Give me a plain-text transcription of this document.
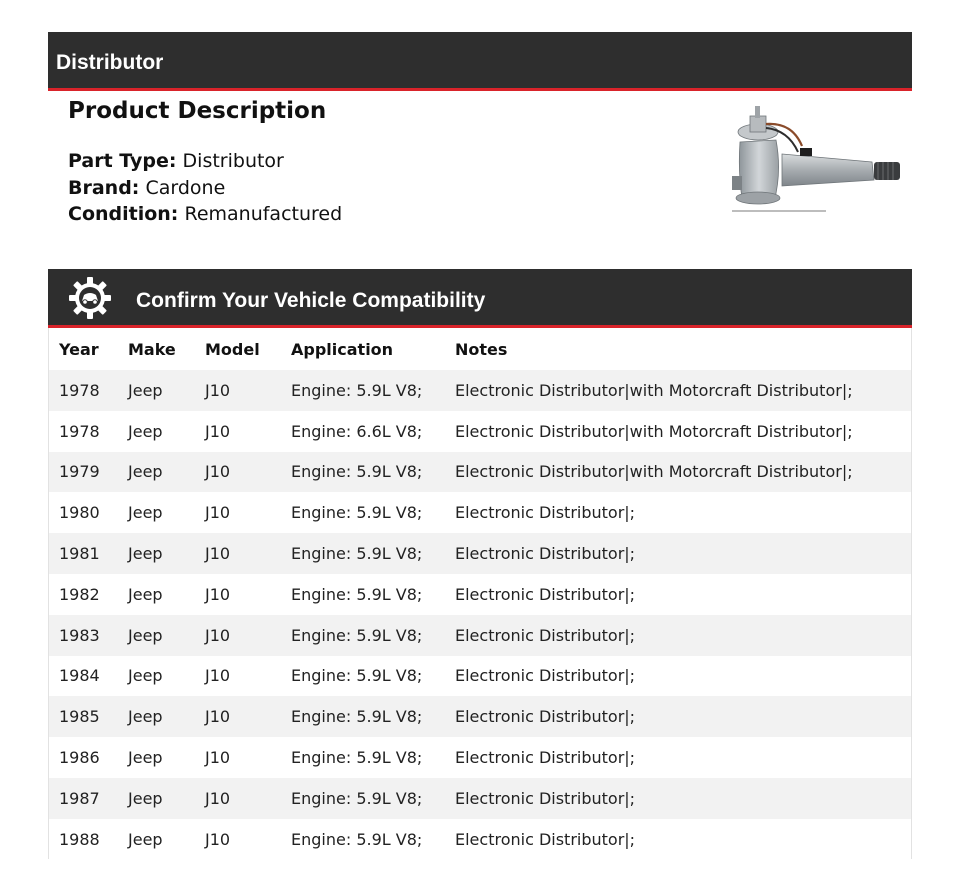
Distributor
Product Description
Part Type: Distributor
Brand: Cardone
Condition: Remanufactured
Confirm Your Vehicle Compatibility
Year	Make	Model	Application	Notes
1978	Jeep	J10	Engine: 5.9L V8;	Electronic Distributor|with Motorcraft Distributor|;
1978	Jeep	J10	Engine: 6.6L V8;	Electronic Distributor|with Motorcraft Distributor|;
1979	Jeep	J10	Engine: 5.9L V8;	Electronic Distributor|with Motorcraft Distributor|;
1980	Jeep	J10	Engine: 5.9L V8;	Electronic Distributor|;
1981	Jeep	J10	Engine: 5.9L V8;	Electronic Distributor|;
1982	Jeep	J10	Engine: 5.9L V8;	Electronic Distributor|;
1983	Jeep	J10	Engine: 5.9L V8;	Electronic Distributor|;
1984	Jeep	J10	Engine: 5.9L V8;	Electronic Distributor|;
1985	Jeep	J10	Engine: 5.9L V8;	Electronic Distributor|;
1986	Jeep	J10	Engine: 5.9L V8;	Electronic Distributor|;
1987	Jeep	J10	Engine: 5.9L V8;	Electronic Distributor|;
1988	Jeep	J10	Engine: 5.9L V8;	Electronic Distributor|;
